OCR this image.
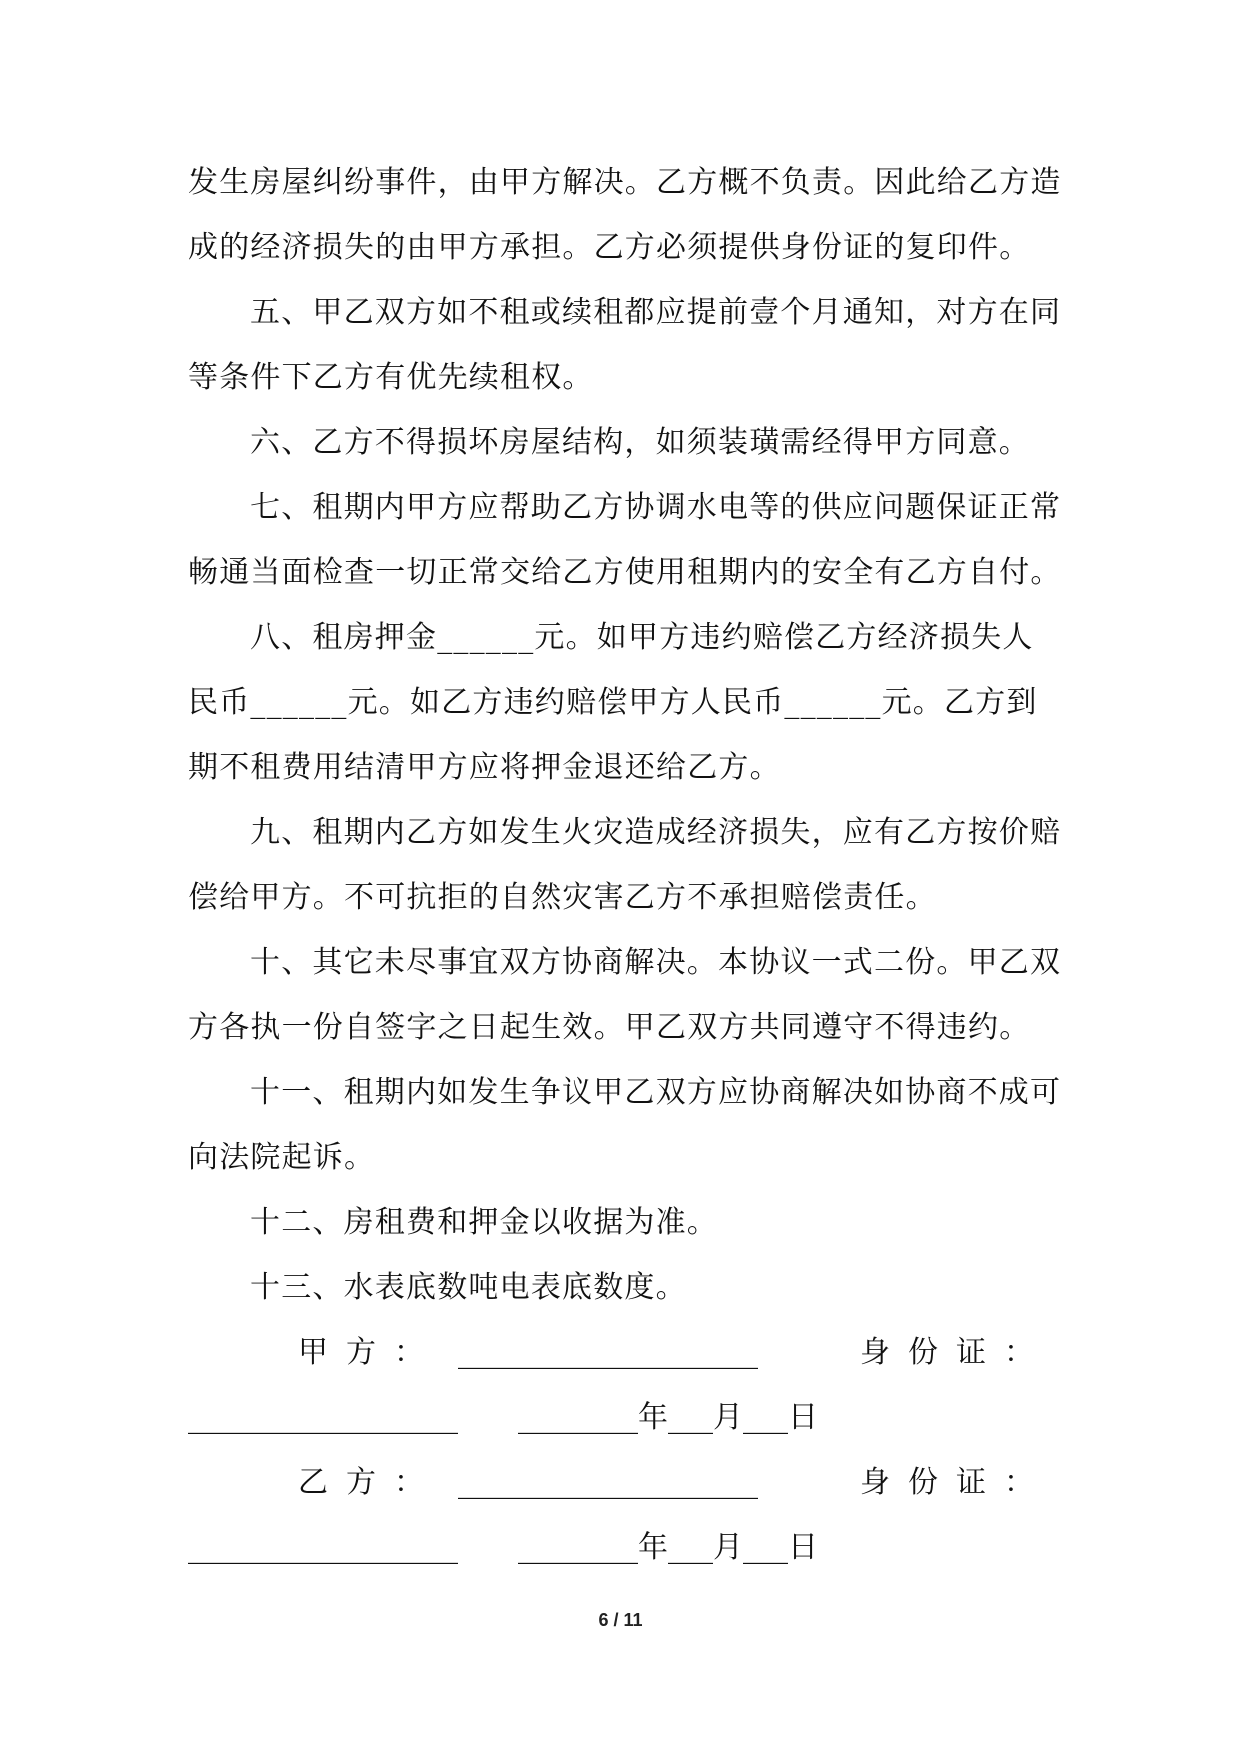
发生房屋纠纷事件，由甲方解决。乙方概不负责。因此给乙方造
成的经济损失的由甲方承担。乙方必须提供身份证的复印件。
五、甲乙双方如不租或续租都应提前壹个月通知，对方在同
等条件下乙方有优先续租权。
六、乙方不得损坏房屋结构，如须装璜需经得甲方同意。
七、租期内甲方应帮助乙方协调水电等的供应问题保证正常
畅通当面检查一切正常交给乙方使用租期内的安全有乙方自付。
八、租房押金______元。如甲方违约赔偿乙方经济损失人
民币______元。如乙方违约赔偿甲方人民币______元。乙方到
期不租费用结清甲方应将押金退还给乙方。
九、租期内乙方如发生火灾造成经济损失，应有乙方按价赔
偿给甲方。不可抗拒的自然灾害乙方不承担赔偿责任。
十、其它未尽事宜双方协商解决。本协议一式二份。甲乙双
方各执一份自签字之日起生效。甲乙双方共同遵守不得违约。
十一、租期内如发生争议甲乙双方应协商解决如协商不成可
向法院起诉。
十二、房租费和押金以收据为准。
十三、水表底数吨电表底数度。
甲方： ____________________	身份证：
__________________ ________年___月___日
乙方： ____________________	身份证：
__________________ ________年___月___日
6 / 11
